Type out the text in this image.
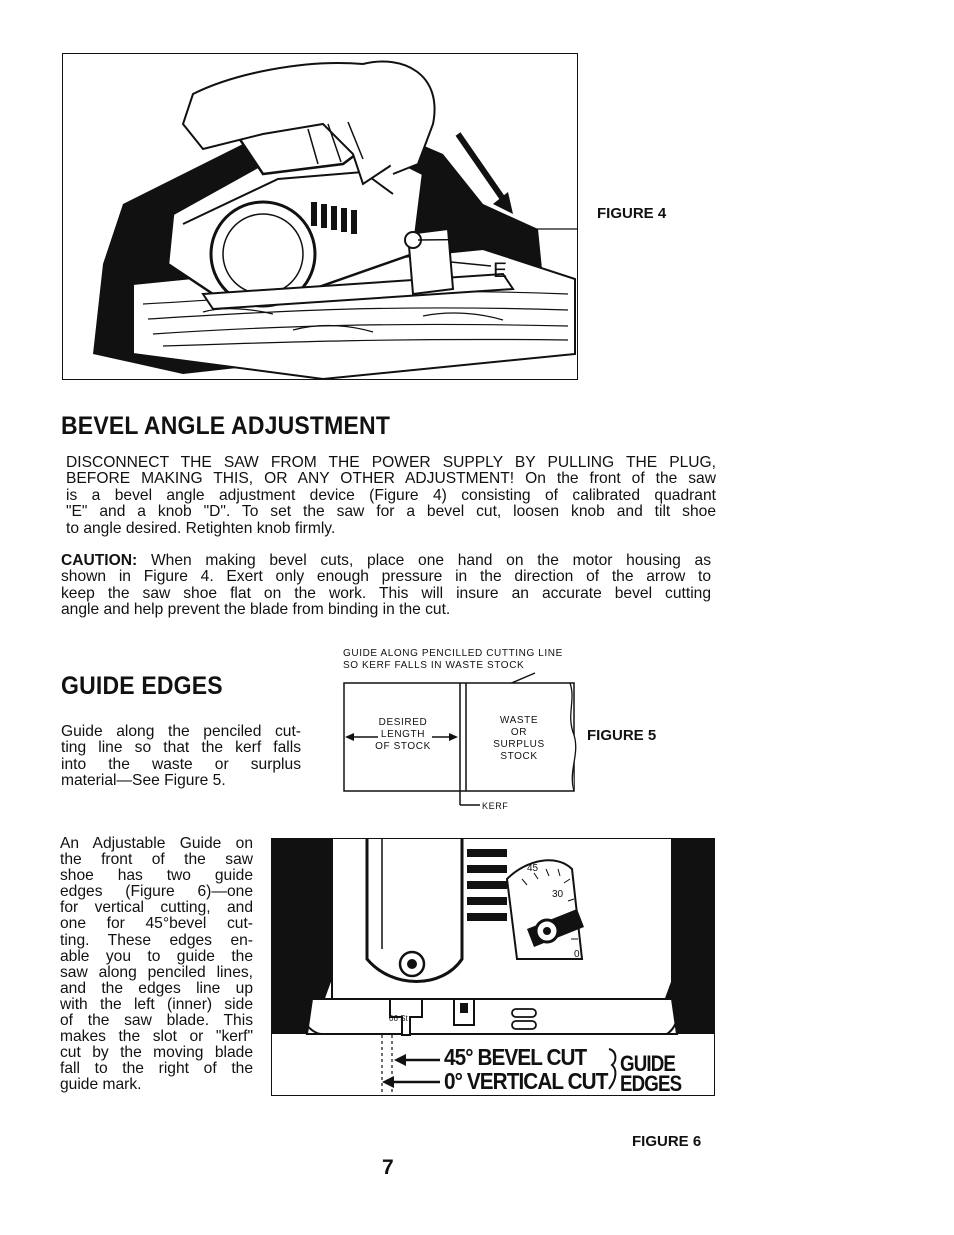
D
E
FIGURE 4
BEVEL ANGLE ADJUSTMENT
DISCONNECT THE SAW FROM THE POWER SUPPLY BY PULLING THE PLUG,
BEFORE MAKING THIS, OR ANY OTHER ADJUSTMENT! On the front of the saw
is a bevel angle adjustment device (Figure 4) consisting of calibrated quadrant
"E" and a knob "D". To set the saw for a bevel cut, loosen knob and tilt shoe
to angle desired. Retighten knob firmly.
CAUTION: When making bevel cuts, place one hand on the motor housing as
shown in Figure 4. Exert only enough pressure in the direction of the arrow to
keep the saw shoe flat on the work. This will insure an accurate bevel cutting
angle and help prevent the blade from binding in the cut.
GUIDE EDGES
Guide along the penciled cut-
ting line so that the kerf falls
into the waste or surplus
material—See Figure 5.
GUIDE ALONG PENCILLED CUTTING LINE
SO KERF FALLS IN WASTE STOCK
DESIRED
LENGTH
OF STOCK
WASTE
OR
SURPLUS
STOCK
KERF
FIGURE 5
An Adjustable Guide on
the front of the saw
shoe has two guide
edges (Figure 6)—one
for vertical cutting, and
one for 45°bevel cut-
ting. These edges en-
able you to guide the
saw along penciled lines,
and the edges line up
with the left (inner) side
of the saw blade. This
makes the slot or "kerf"
cut by the moving blade
fall to the right of the
guide mark.
45
30
0
06 St
45° BEVEL CUT
0° VERTICAL CUT
GUIDE
EDGES
FIGURE 6
7
